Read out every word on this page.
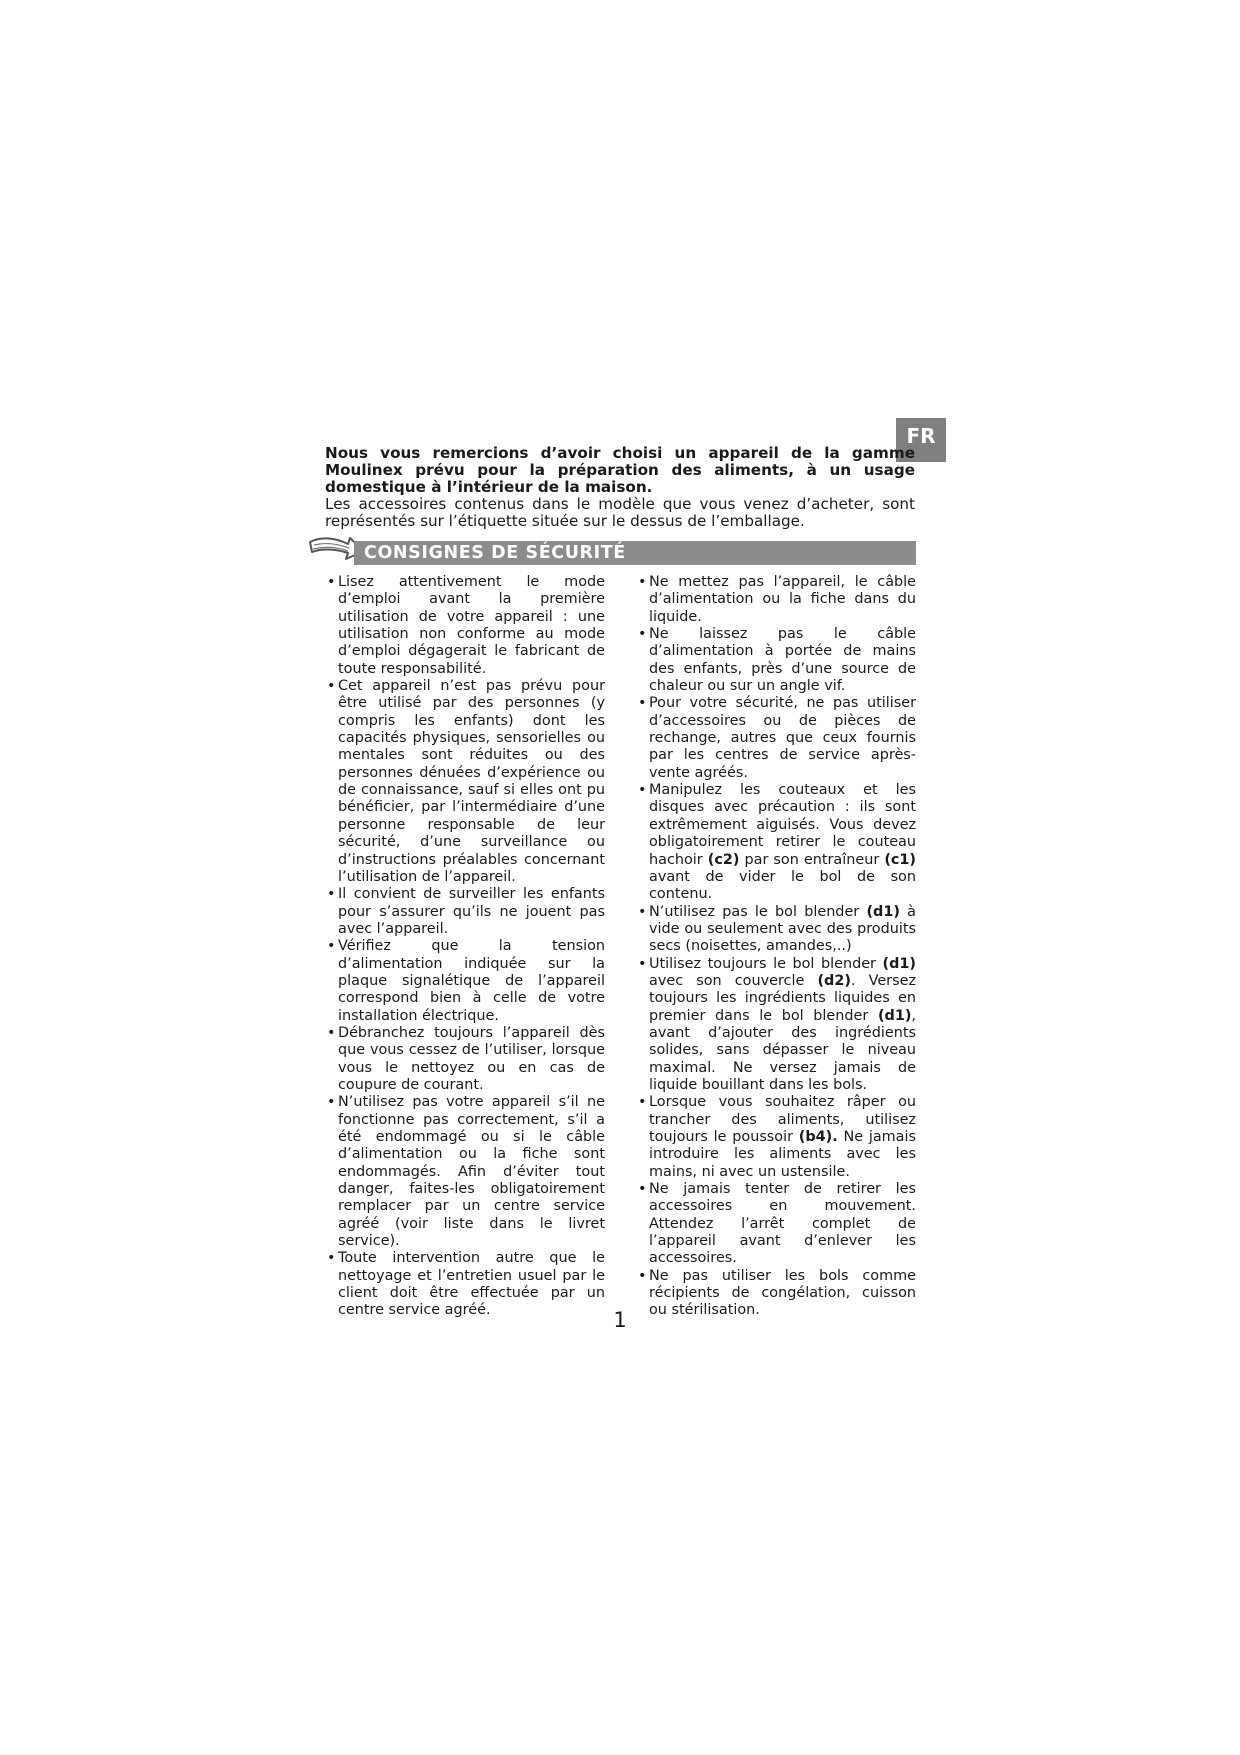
FR
Nous vous remercions d’avoir choisi un appareil de la gamme Moulinex prévu pour la préparation des aliments, à un usage domestique à l’intérieur de la maison.
Les accessoires contenus dans le modèle que vous venez d’acheter, sont représentés sur l’étiquette située sur le dessus de l’emballage.
CONSIGNES DE SÉCURITÉ
• Lisez attentivement le mode d’emploi avant la première utilisation de votre appareil : une utilisation non conforme au mode d’emploi dégagerait le fabricant de toute responsabilité.
• Cet appareil n’est pas prévu pour être utilisé par des personnes (y compris les enfants) dont les capacités physiques, sensorielles ou mentales sont réduites ou des personnes dénuées d’expérience ou de connaissance, sauf si elles ont pu bénéficier, par l’intermédiaire d’une personne responsable de leur sécurité, d’une surveillance ou d’instructions préalables concernant l’utilisation de l’appareil.
• Il convient de surveiller les enfants pour s’assurer qu’ils ne jouent pas avec l’appareil.
• Vérifiez que la tension d’alimentation indiquée sur la plaque signalétique de l’appareil correspond bien à celle de votre installation électrique.
• Débranchez toujours l’appareil dès que vous cessez de l’utiliser, lorsque vous le nettoyez ou en cas de coupure de courant.
• N’utilisez pas votre appareil s’il ne fonctionne pas correctement, s’il a été endommagé ou si le câble d’alimentation ou la fiche sont endommagés. Afin d’éviter tout danger, faites-les obligatoirement remplacer par un centre service agréé (voir liste dans le livret service).
• Toute intervention autre que le nettoyage et l’entretien usuel par le client doit être effectuée par un centre service agréé.
• Ne mettez pas l’appareil, le câble d’alimentation ou la fiche dans du liquide.
• Ne laissez pas le câble d’alimentation à portée de mains des enfants, près d’une source de chaleur ou sur un angle vif.
• Pour votre sécurité, ne pas utiliser d’accessoires ou de pièces de rechange, autres que ceux fournis par les centres de service après-vente agréés.
• Manipulez les couteaux et les disques avec précaution : ils sont extrêmement aiguisés. Vous devez obligatoirement retirer le couteau hachoir (c2) par son entraîneur (c1) avant de vider le bol de son contenu.
• N’utilisez pas le bol blender (d1) à vide ou seulement avec des produits secs (noisettes, amandes,..)
• Utilisez toujours le bol blender (d1) avec son couvercle (d2). Versez toujours les ingrédients liquides en premier dans le bol blender (d1), avant d’ajouter des ingrédients solides, sans dépasser le niveau maximal. Ne versez jamais de liquide bouillant dans les bols.
• Lorsque vous souhaitez râper ou trancher des aliments, utilisez toujours le poussoir (b4). Ne jamais introduire les aliments avec les mains, ni avec un ustensile.
• Ne jamais tenter de retirer les accessoires en mouvement. Attendez l’arrêt complet de l’appareil avant d’enlever les accessoires.
• Ne pas utiliser les bols comme récipients de congélation, cuisson ou stérilisation.
1
